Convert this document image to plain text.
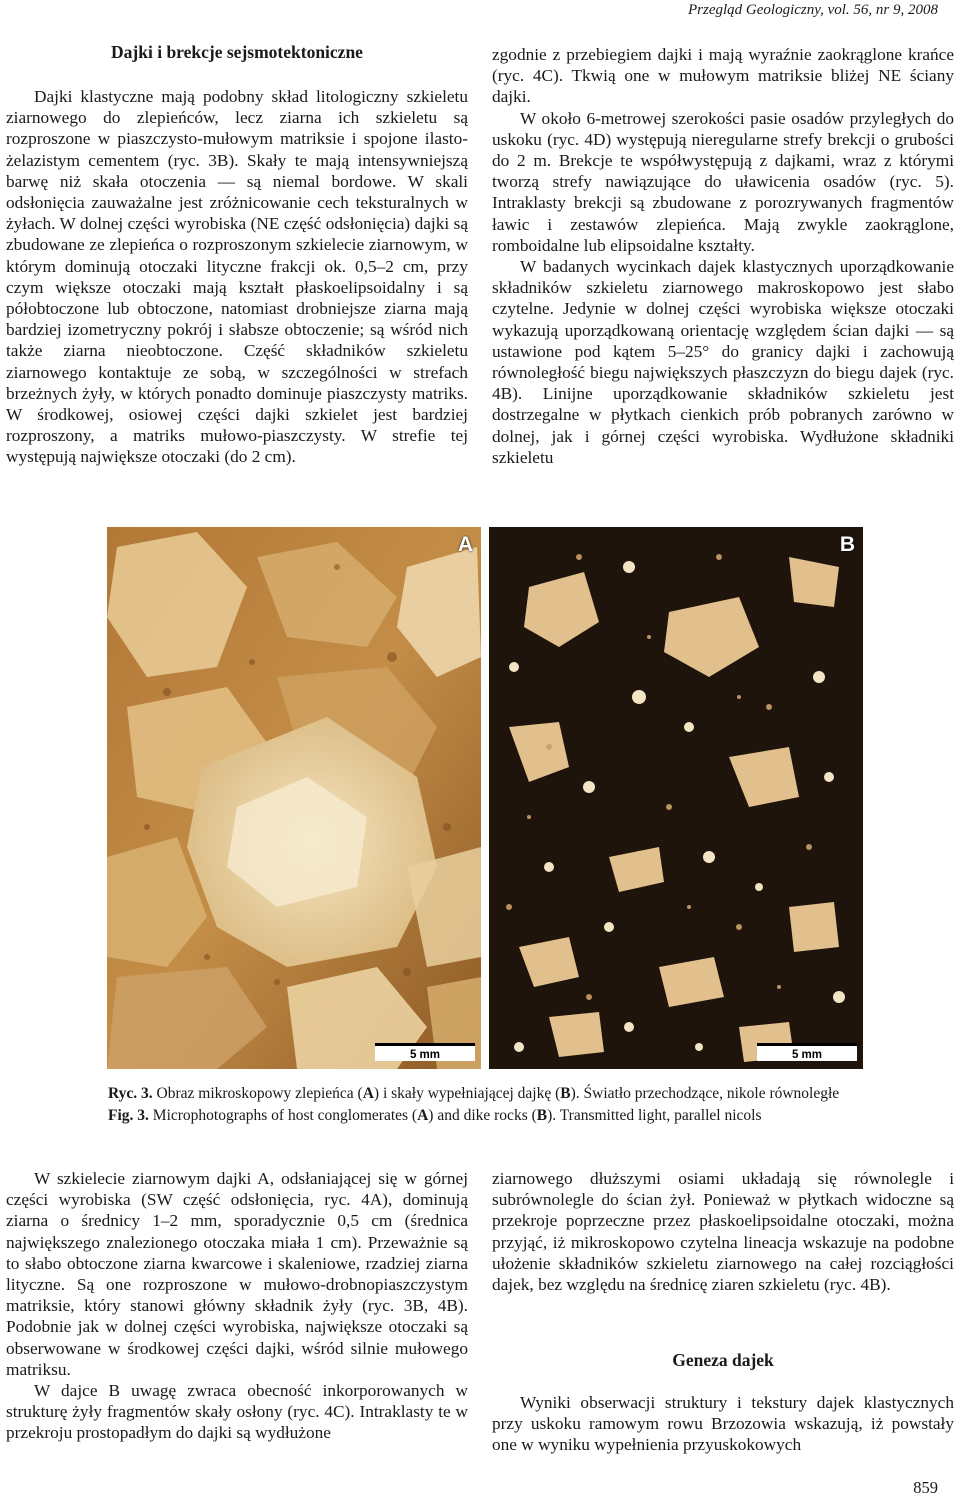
Przegląd Geologiczny, vol. 56, nr 9, 2008
Dajki i brekcje sejsmotektoniczne

Dajki klastyczne mają podobny skład litologiczny szkieletu ziarnowego do zlepieńców, lecz ziarna ich szkieletu są rozproszone w piaszczysto-mułowym matriksie i spojone ilasto-żelazistym cementem (ryc. 3B). Skały te mają intensywniejszą barwę niż skała otoczenia — są niemal bordowe. W skali odsłonięcia zauważalne jest zróżnicowanie cech teksturalnych w żyłach. W dolnej części wyrobiska (NE część odsłonięcia) dajki są zbudowane ze zlepieńca o rozproszonym szkielecie ziarnowym, w którym dominują otoczaki lityczne frakcji ok. 0,5–2 cm, przy czym większe otoczaki mają kształt płaskoelipsoidalny i są półobtoczone lub obtoczone, natomiast drobniejsze ziarna mają bardziej izometryczny pokrój i słabsze obtoczenie; są wśród nich także ziarna nieobtoczone. Część składników szkieletu ziarnowego kontaktuje ze sobą, w szczególności w strefach brzeżnych żyły, w których ponadto dominuje piaszczysty matriks. W środkowej, osiowej części dajki szkielet jest bardziej rozproszony, a matriks mułowo-piaszczysty. W strefie tej występują największe otoczaki (do 2 cm).

zgodnie z przebiegiem dajki i mają wyraźnie zaokrąglone krańce (ryc. 4C). Tkwią one w mułowym matriksie bliżej NE ściany dajki.

W około 6-metrowej szerokości pasie osadów przyległych do uskoku (ryc. 4D) występują nieregularne strefy brekcji o grubości do 2 m. Brekcje te współwystępują z dajkami, wraz z którymi tworzą strefy nawiązujące do uławicenia osadów (ryc. 5). Intraklasty brekcji są zbudowane z porozrywanych fragmentów ławic i zestawów zlepieńca. Mają zwykle zaokrąglone, romboidalne lub elipsoidalne kształty.

W badanych wycinkach dajek klastycznych uporządkowanie składników szkieletu ziarnowego makroskopowo jest słabo czytelne. Jedynie w dolnej części wyrobiska większe otoczaki wykazują uporządkowaną orientację względem ścian dajki — są ustawione pod kątem 5–25° do granicy dajki i zachowują równoległość biegu największych płaszczyzn do biegu dajek (ryc. 4B). Linijne uporządkowanie składników szkieletu jest dostrzegalne w płytkach cienkich prób pobranych zarówno w dolnej, jak i górnej części wyrobiska. Wydłużone składniki szkieletu

A
5 mm
B
5 mm

Ryc. 3. Obraz mikroskopowy zlepieńca (A) i skały wypełniającej dajkę (B). Światło przechodzące, nikole równoległe

Fig. 3. Microphotographs of host conglomerates (A) and dike rocks (B). Transmitted light, parallel nicols

W szkielecie ziarnowym dajki A, odsłaniającej się w górnej części wyrobiska (SW część odsłonięcia, ryc. 4A), dominują ziarna o średnicy 1–2 mm, sporadycznie 0,5 cm (średnica największego znalezionego otoczaka miała 1 cm). Przeważnie są to słabo obtoczone ziarna kwarcowe i skaleniowe, rzadziej ziarna lityczne. Są one rozproszone w mułowo-drobnopiaszczystym matriksie, który stanowi główny składnik żyły (ryc. 3B, 4B). Podobnie jak w dolnej części wyrobiska, największe otoczaki są obserwowane w środkowej części dajki, wśród silnie mułowego matriksu.

W dajce B uwagę zwraca obecność inkorporowanych w strukturę żyły fragmentów skały osłony (ryc. 4C). Intraklasty te w przekroju prostopadłym do dajki są wydłużone

ziarnowego dłuższymi osiami układają się równolegle i subrównolegle do ścian żył. Ponieważ w płytkach widoczne są przekroje poprzeczne przez płaskoelipsoidalne otoczaki, można przyjąć, iż mikroskopowo czytelna lineacja wskazuje na podobne ułożenie składników szkieletu ziarnowego na całej rozciągłości dajek, bez względu na średnicę ziaren szkieletu (ryc. 4B).

Geneza dajek

Wyniki obserwacji struktury i tekstury dajek klastycznych przy uskoku ramowym rowu Brzozowia wskazują, iż powstały one w wyniku wypełnienia przyuskokowych

859
